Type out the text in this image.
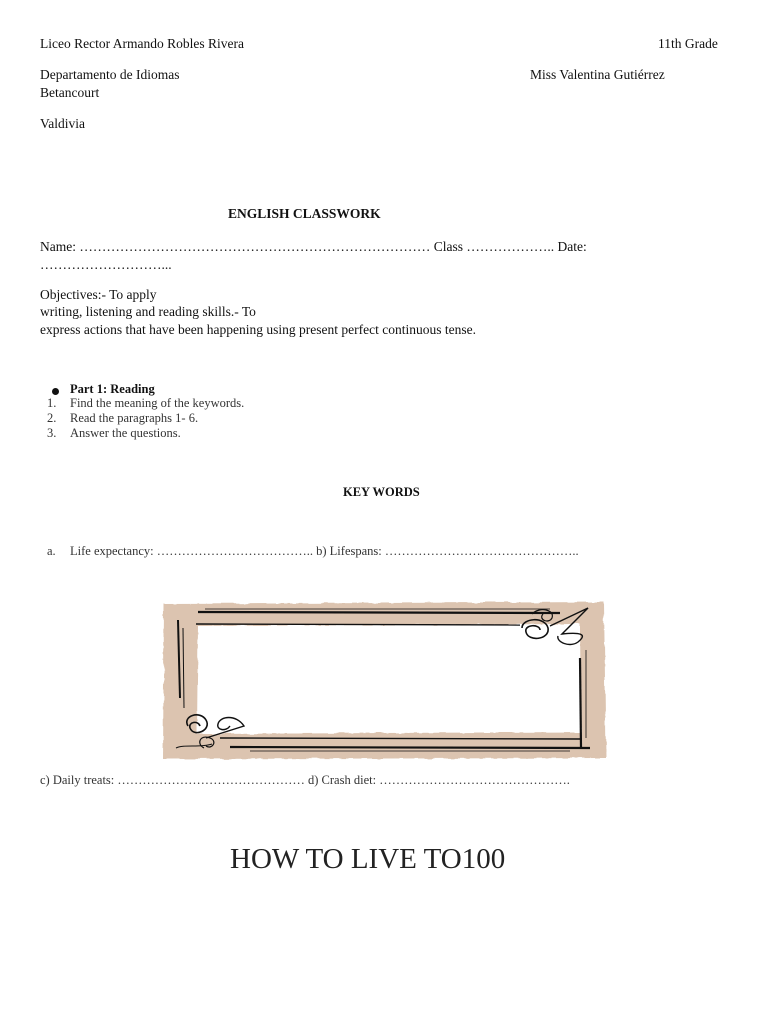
Liceo Rector Armando Robles Rivera	11th Grade
Departamento de Idiomas	Miss Valentina Gutiérrez
Betancourt
Valdivia
ENGLISH CLASSWORK
Name: …………………………………………………………………… Class ……………….. Date:
………………………...
Objectives:- To apply
writing, listening and reading skills.- To
express actions that have been happening using present perfect continuous tense.
Part 1: Reading
1. Find the meaning of the keywords.
2. Read the paragraphs 1- 6.
3. Answer the questions.
KEY WORDS
a. Life expectancy: ……………………………….. b) Lifespans: ………………………………………..
c) Daily treats: ……………………………………… d) Crash diet: ……………………………………….
HOW TO LIVE TO100
